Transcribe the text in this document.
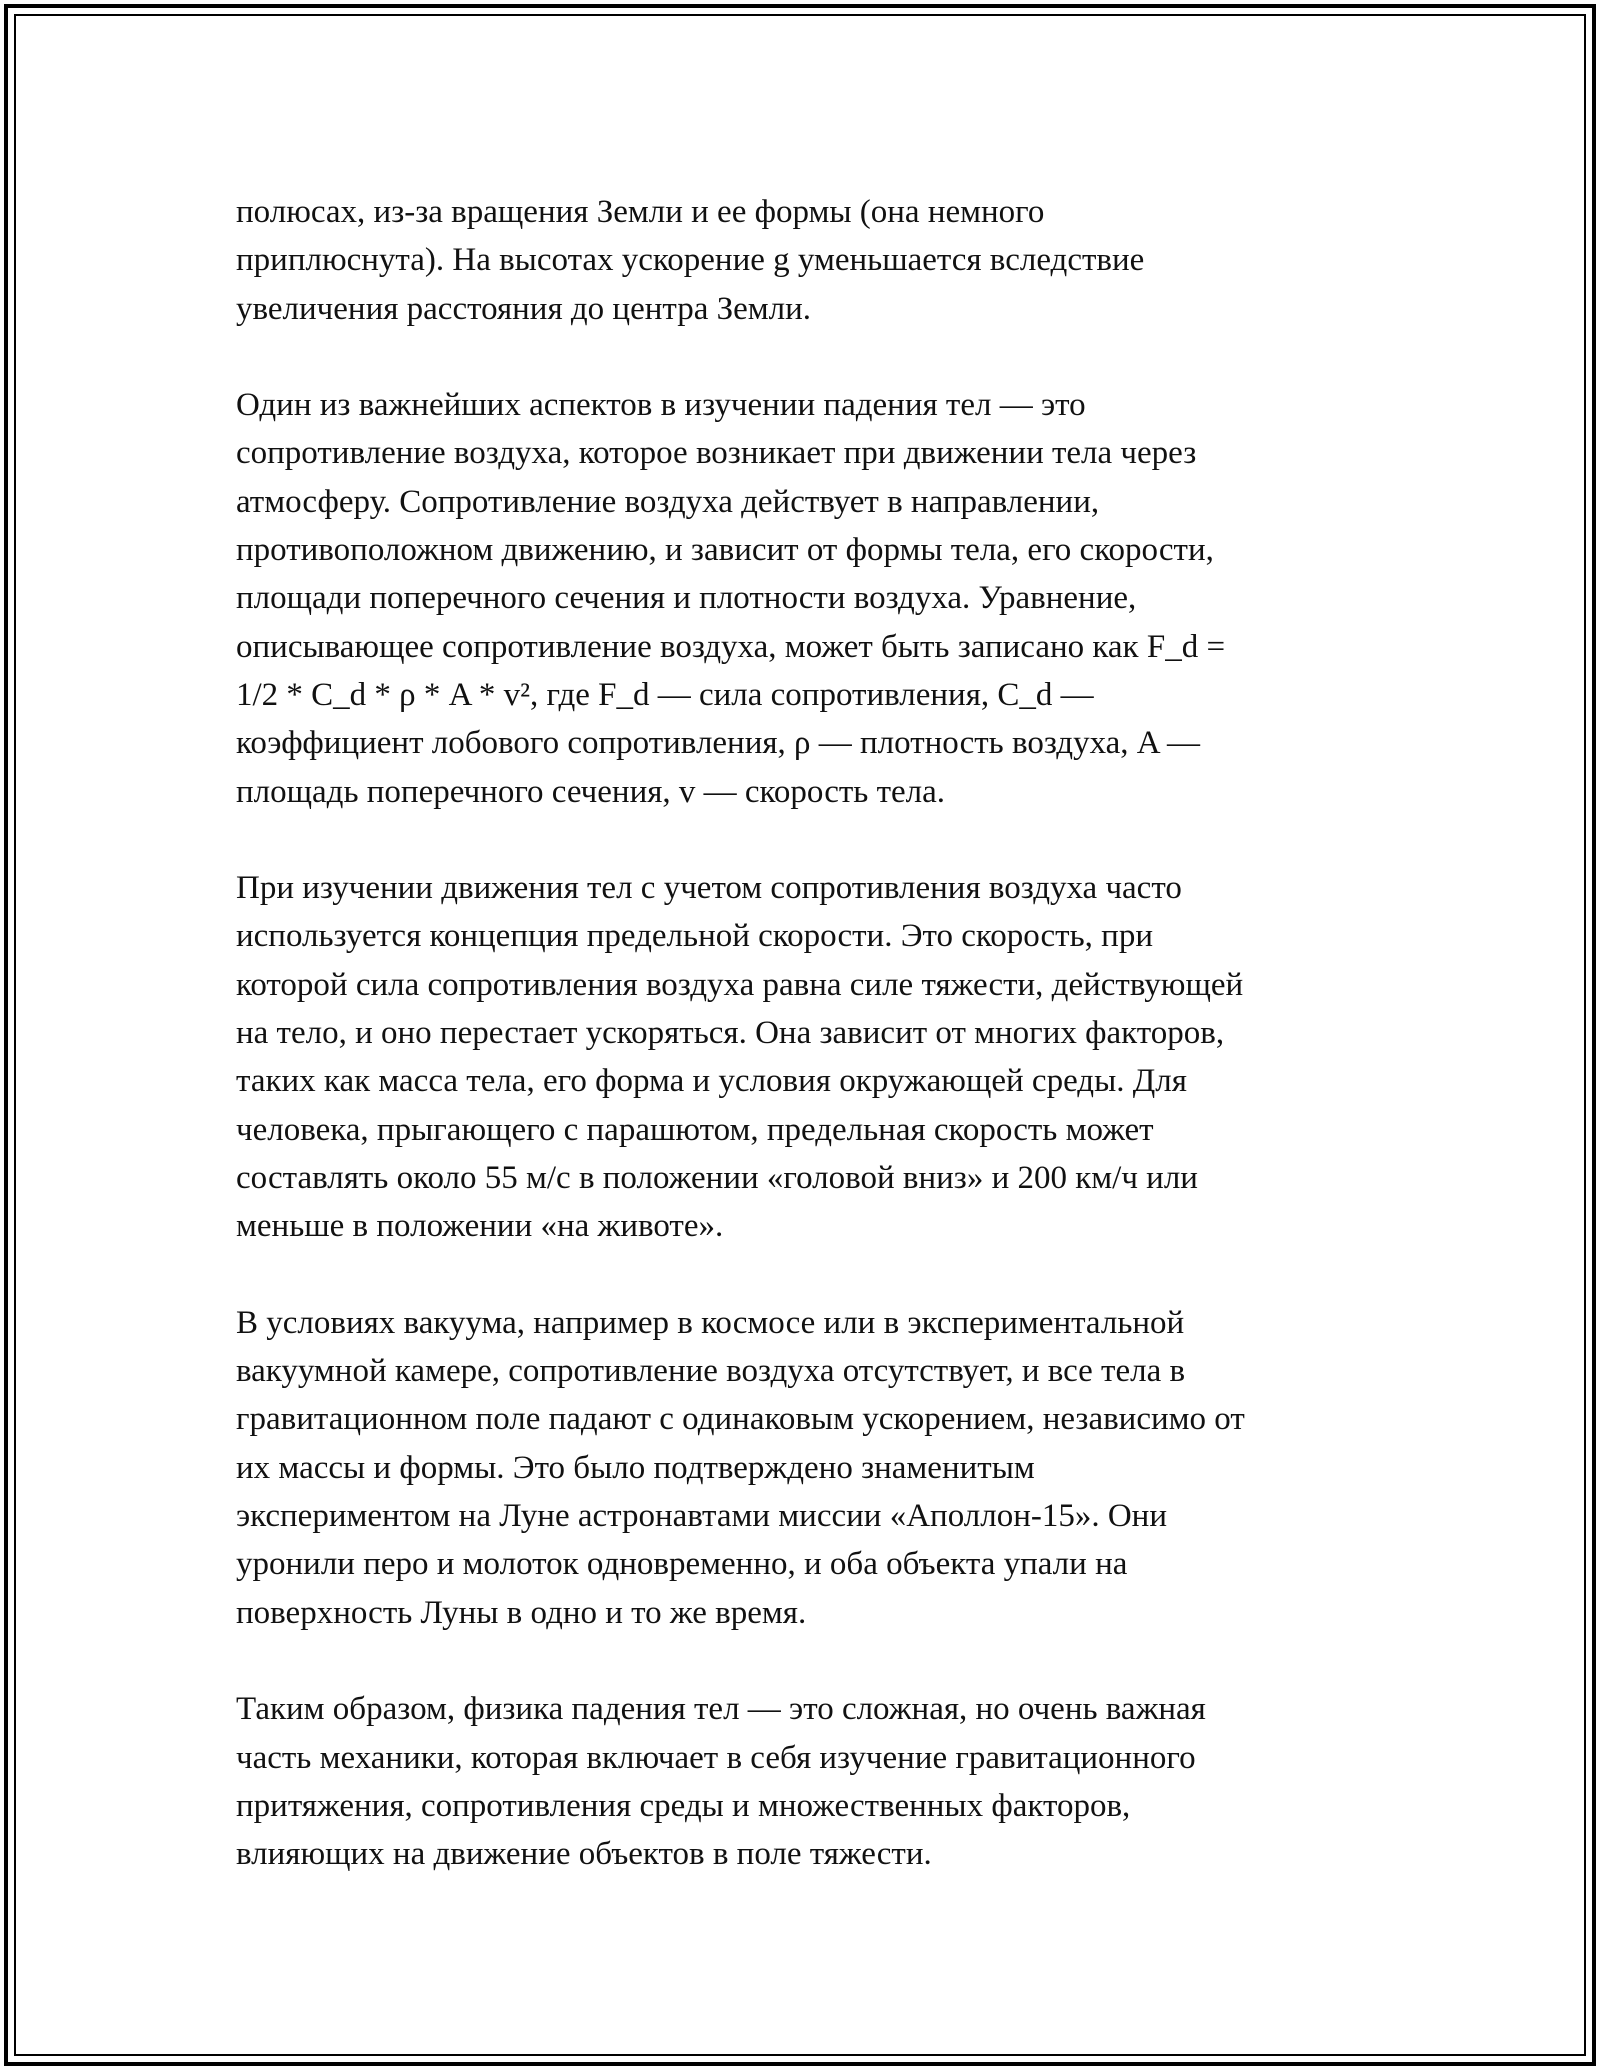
полюсах, из-за вращения Земли и ее формы (она немного
приплюснута). На высотах ускорение g уменьшается вследствие
увеличения расстояния до центра Земли.
Один из важнейших аспектов в изучении падения тел — это
сопротивление воздуха, которое возникает при движении тела через
атмосферу. Сопротивление воздуха действует в направлении,
противоположном движению, и зависит от формы тела, его скорости,
площади поперечного сечения и плотности воздуха. Уравнение,
описывающее сопротивление воздуха, может быть записано как F_d =
1/2 * C_d * ρ * A * v², где F_d — сила сопротивления, C_d —
коэффициент лобового сопротивления, ρ — плотность воздуха, A —
площадь поперечного сечения, v — скорость тела.
При изучении движения тел с учетом сопротивления воздуха часто
используется концепция предельной скорости. Это скорость, при
которой сила сопротивления воздуха равна силе тяжести, действующей
на тело, и оно перестает ускоряться. Она зависит от многих факторов,
таких как масса тела, его форма и условия окружающей среды. Для
человека, прыгающего с парашютом, предельная скорость может
составлять около 55 м/с в положении «головой вниз» и 200 км/ч или
меньше в положении «на животе».
В условиях вакуума, например в космосе или в экспериментальной
вакуумной камере, сопротивление воздуха отсутствует, и все тела в
гравитационном поле падают с одинаковым ускорением, независимо от
их массы и формы. Это было подтверждено знаменитым
экспериментом на Луне астронавтами миссии «Аполлон-15». Они
уронили перо и молоток одновременно, и оба объекта упали на
поверхность Луны в одно и то же время.
Таким образом, физика падения тел — это сложная, но очень важная
часть механики, которая включает в себя изучение гравитационного
притяжения, сопротивления среды и множественных факторов,
влияющих на движение объектов в поле тяжести.
